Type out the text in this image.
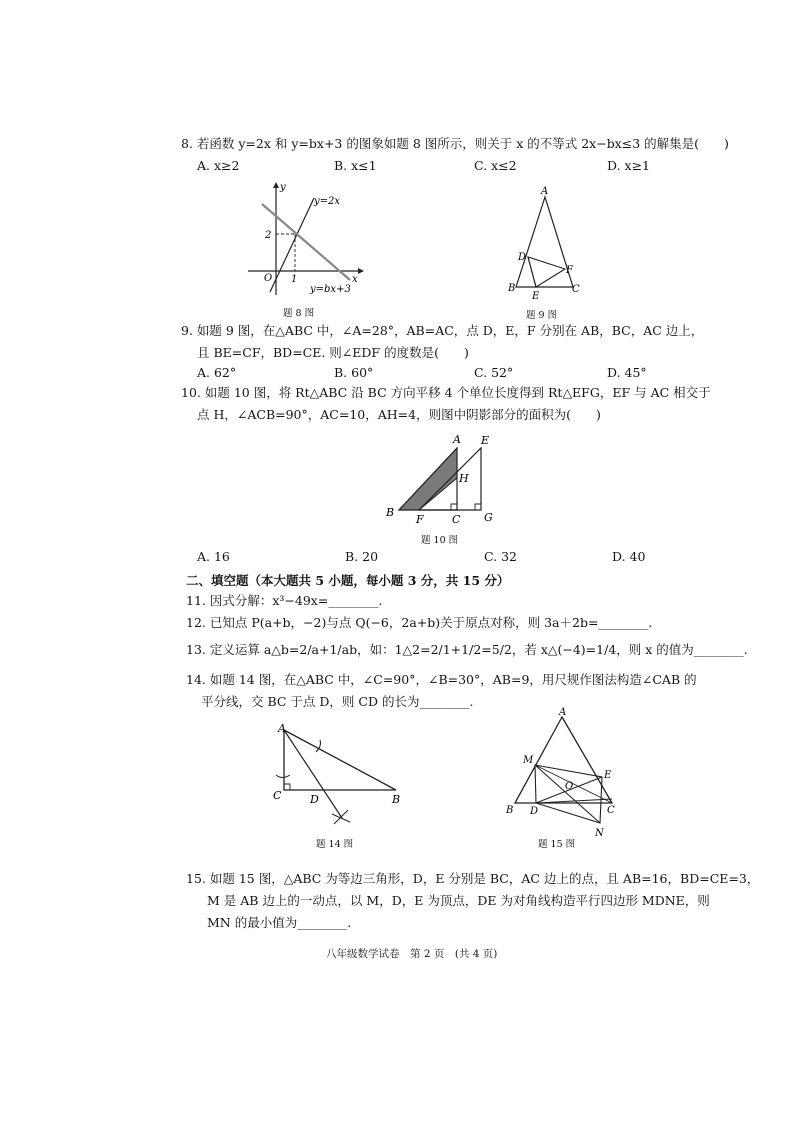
8. 若函数 y=2x 和 y=bx+3 的图象如题 8 图所示，则关于 x 的不等式 2x−bx≤3 的解集是(　　)
A. x≥2	B. x≤1	C. x≤2	D. x≥1
y
y=2x
2
O 1	x
y=bx+3
题 8 图
A
D
F
B
E
C
题 9 图
9. 如题 9 图，在△ABC 中，∠A=28°，AB=AC，点 D，E，F 分别在 AB，BC，AC 边上，
且 BE=CF，BD=CE. 则∠EDF 的度数是(　　)
A. 62°	B. 60°	C. 52°	D. 45°
10. 如题 10 图，将 Rt△ABC 沿 BC 方向平移 4 个单位长度得到 Rt△EFG，EF 与 AC 相交于
点 H，∠ACB=90°，AC=10，AH=4，则图中阴影部分的面积为(　　)
A E
H
B
F	C G
题 10 图
A. 16	B. 20	C. 32	D. 40
二、填空题（本大题共 5 小题，每小题 3 分，共 15 分）
11. 因式分解：x³−49x=________.
12. 已知点 P(a+b，−2)与点 Q(−6，2a+b)关于原点对称，则 3a＋2b=________.
13. 定义运算 a△b=2/a+1/ab，如：1△2=2/1+1/2=5/2，若 x△(−4)=1/4，则 x 的值为________.
14. 如题 14 图，在△ABC 中，∠C=90°，∠B=30°，AB=9，用尺规作图法构造∠CAB 的
平分线，交 BC 于点 D，则 CD 的长为________.
A
C	D	B
题 14 图
A
M
E
O
B D	C
N
题 15 图
15. 如题 15 图，△ABC 为等边三角形，D，E 分别是 BC，AC 边上的点，且 AB=16，BD=CE=3，
M 是 AB 边上的一动点，以 M，D，E 为顶点，DE 为对角线构造平行四边形 MDNE，则
MN 的最小值为________.
八年级数学试卷　第 2 页　(共 4 页)
